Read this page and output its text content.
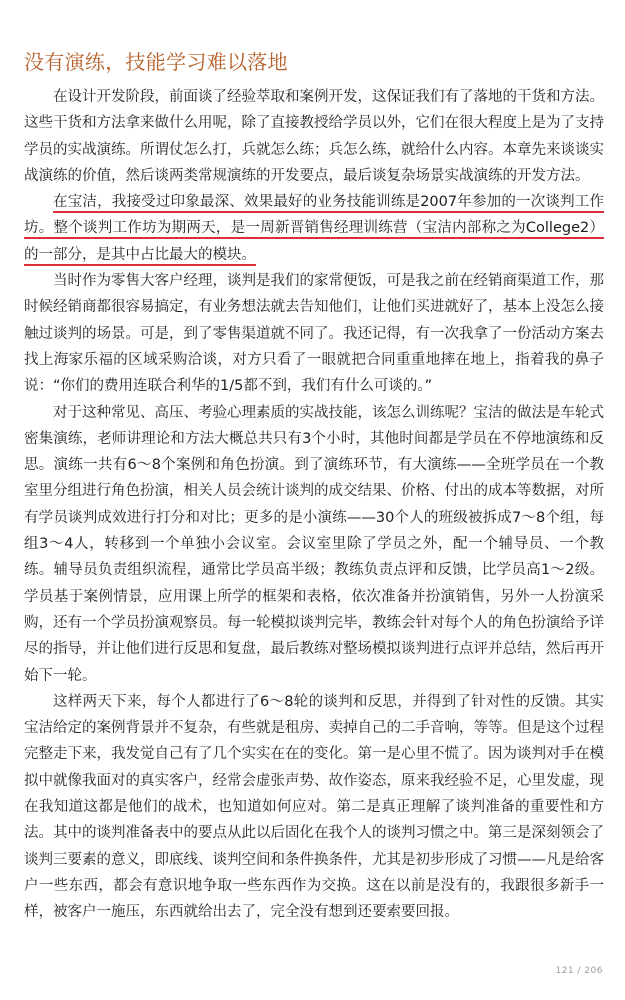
没有演练，技能学习难以落地

在设计开发阶段，前面谈了经验萃取和案例开发，这保证我们有了落地的干货和方法。这些干货和方法拿来做什么用呢，除了直接教授给学员以外，它们在很大程度上是为了支持学员的实战演练。所谓仗怎么打，兵就怎么练；兵怎么练，就给什么内容。本章先来谈谈实战演练的价值，然后谈两类常规演练的开发要点，最后谈复杂场景实战演练的开发方法。

在宝洁，我接受过印象最深、效果最好的业务技能训练是2007年参加的一次谈判工作坊。整个谈判工作坊为期两天，是一周新晋销售经理训练营（宝洁内部称之为College2）的一部分，是其中占比最大的模块。

当时作为零售大客户经理，谈判是我们的家常便饭，可是我之前在经销商渠道工作，那时候经销商都很容易搞定，有业务想法就去告知他们，让他们买进就好了，基本上没怎么接触过谈判的场景。可是，到了零售渠道就不同了。我还记得，有一次我拿了一份活动方案去找上海家乐福的区域采购洽谈，对方只看了一眼就把合同重重地摔在地上，指着我的鼻子说：“你们的费用连联合利华的1/5都不到，我们有什么可谈的。”

对于这种常见、高压、考验心理素质的实战技能，该怎么训练呢？宝洁的做法是车轮式密集演练，老师讲理论和方法大概总共只有3个小时，其他时间都是学员在不停地演练和反思。演练一共有6～8个案例和角色扮演。到了演练环节，有大演练——全班学员在一个教室里分组进行角色扮演，相关人员会统计谈判的成交结果、价格、付出的成本等数据，对所有学员谈判成效进行打分和对比；更多的是小演练——30个人的班级被拆成7～8个组，每组3～4人，转移到一个单独小会议室。会议室里除了学员之外，配一个辅导员、一个教练。辅导员负责组织流程，通常比学员高半级；教练负责点评和反馈，比学员高1～2级。学员基于案例情景，应用课上所学的框架和表格，依次准备并扮演销售，另外一人扮演采购，还有一个学员扮演观察员。每一轮模拟谈判完毕，教练会针对每个人的角色扮演给予详尽的指导，并让他们进行反思和复盘，最后教练对整场模拟谈判进行点评并总结，然后再开始下一轮。

这样两天下来，每个人都进行了6～8轮的谈判和反思，并得到了针对性的反馈。其实宝洁给定的案例背景并不复杂，有些就是租房、卖掉自己的二手音响，等等。但是这个过程完整走下来，我发觉自己有了几个实实在在的变化。第一是心里不慌了。因为谈判对手在模拟中就像我面对的真实客户，经常会虚张声势、故作姿态，原来我经验不足，心里发虚，现在我知道这都是他们的战术，也知道如何应对。第二是真正理解了谈判准备的重要性和方法。其中的谈判准备表中的要点从此以后固化在我个人的谈判习惯之中。第三是深刻领会了谈判三要素的意义，即底线、谈判空间和条件换条件，尤其是初步形成了习惯——凡是给客户一些东西，都会有意识地争取一些东西作为交换。这在以前是没有的，我跟很多新手一样，被客户一施压，东西就给出去了，完全没有想到还要索要回报。

121 / 206
